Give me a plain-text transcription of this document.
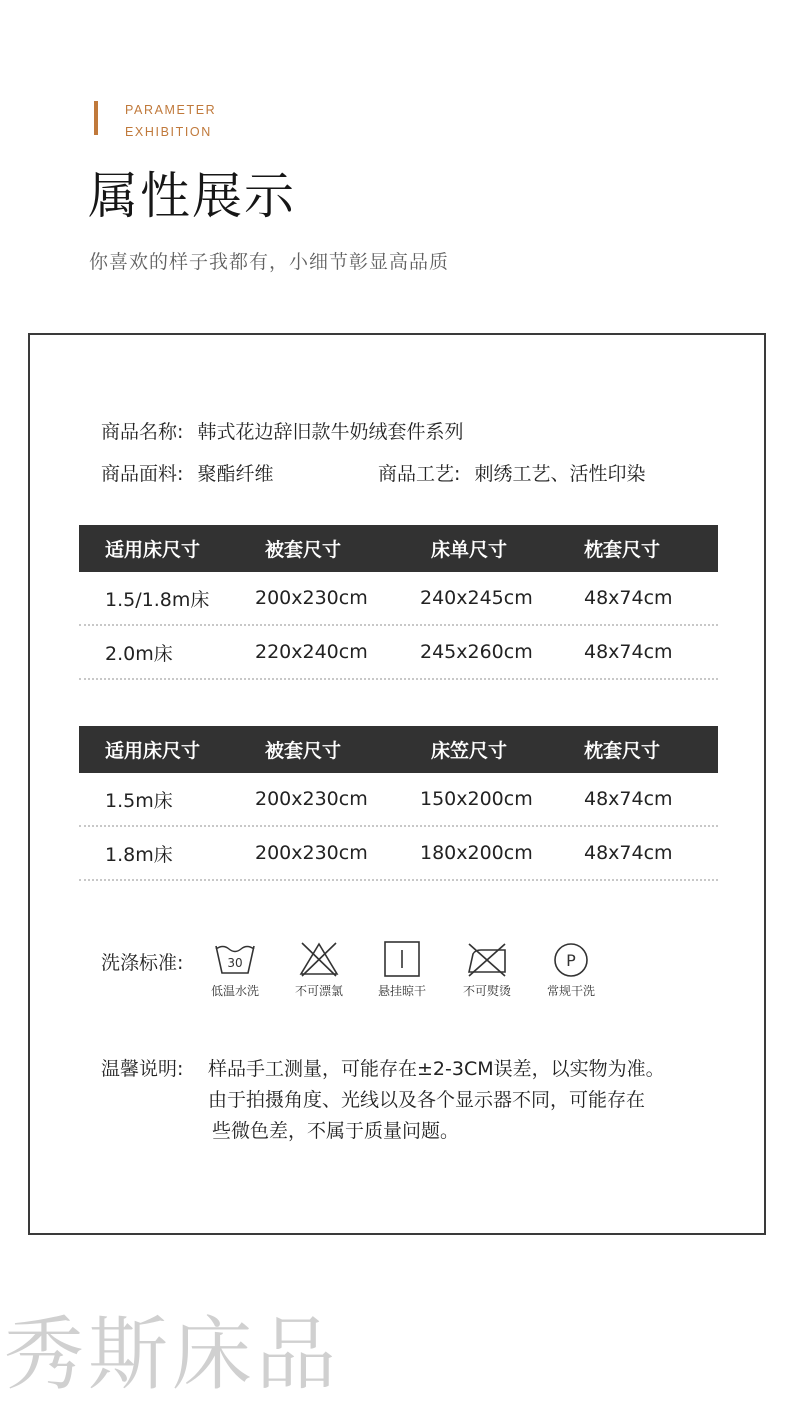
PARAMETER
EXHIBITION
属性展示
你喜欢的样子我都有，小细节彰显高品质
商品名称: 韩式花边辞旧款牛奶绒套件系列
商品面料: 聚酯纤维	商品工艺: 刺绣工艺、活性印染
适用床尺寸	被套尺寸	床单尺寸	枕套尺寸
1.5/1.8m床	200x230cm	240x245cm	48x74cm
2.0m床	220x240cm	245x260cm	48x74cm
适用床尺寸	被套尺寸	床笠尺寸	枕套尺寸
1.5m床	200x230cm	150x200cm	48x74cm
1.8m床	200x230cm	180x200cm	48x74cm
洗涤标准:	30
低温水洗	不可漂氯	悬挂晾干	不可熨烫
P
常规干洗
温馨说明: 样品手工测量，可能存在±2-3CM误差，以实物为准。
由于拍摄角度、光线以及各个显示器不同，可能存在
些微色差，不属于质量问题。
秀斯床品
